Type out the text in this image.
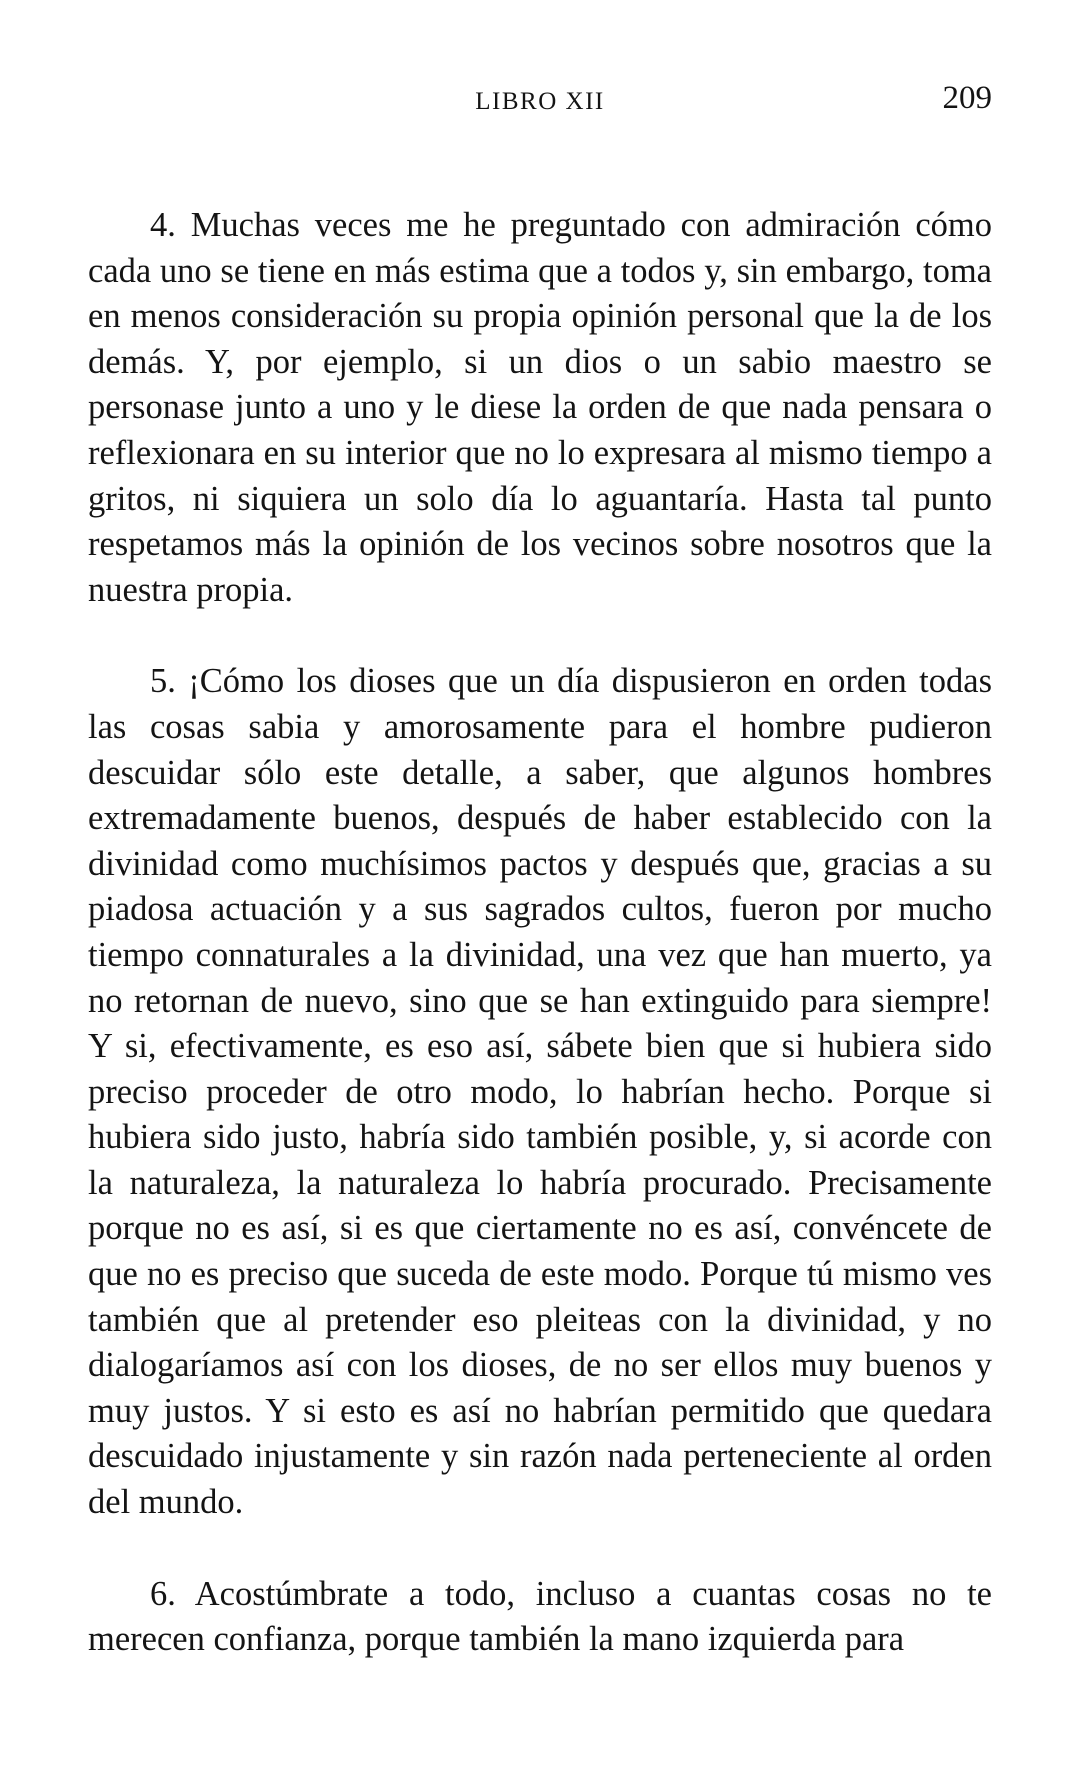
LIBRO XII	209

4. Muchas veces me he preguntado con admiración cómo cada uno se tiene en más estima que a todos y, sin embargo, toma en menos consideración su propia opinión personal que la de los demás. Y, por ejemplo, si un dios o un sabio maestro se personase junto a uno y le diese la orden de que nada pensara o reflexionara en su interior que no lo expresara al mismo tiempo a gritos, ni siquiera un solo día lo aguantaría. Hasta tal punto respetamos más la opinión de los vecinos sobre nosotros que la nuestra propia.

5. ¡Cómo los dioses que un día dispusieron en orden todas las cosas sabia y amorosamente para el hombre pudieron descuidar sólo este detalle, a saber, que algunos hombres extremadamente buenos, después de haber establecido con la divinidad como muchísimos pactos y después que, gracias a su piadosa actuación y a sus sagrados cultos, fueron por mucho tiempo connaturales a la divinidad, una vez que han muerto, ya no retornan de nuevo, sino que se han extinguido para siempre! Y si, efectivamente, es eso así, sábete bien que si hubiera sido preciso proceder de otro modo, lo habrían hecho. Porque si hubiera sido justo, habría sido también posible, y, si acorde con la naturaleza, la naturaleza lo habría procurado. Precisamente porque no es así, si es que ciertamente no es así, convéncete de que no es preciso que suceda de este modo. Porque tú mismo ves también que al pretender eso pleiteas con la divinidad, y no dialogaríamos así con los dioses, de no ser ellos muy buenos y muy justos. Y si esto es así no habrían permitido que quedara descuidado injustamente y sin razón nada perteneciente al orden del mundo.

6. Acostúmbrate a todo, incluso a cuantas cosas no te merecen confianza, porque también la mano izquierda para
